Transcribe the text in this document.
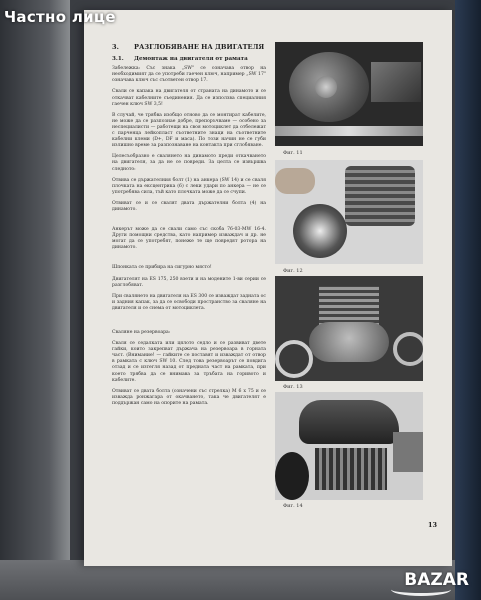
3.	РАЗГЛОБЯВАНЕ НА ДВИГАТЕЛЯ
3.1.	Демонтаж на двигателя от рамата

Забележка: Със знака „SW" се означава отвор на необходимият да се употреби гаечен ключ, например „SW 17" означава ключ със съответен отвор 17.

Свали се капака на двигателя от страната на динамото и се откачват кабелните съединения. Да се използва специалния гаечен ключ SW 3,5!

В случай, че трябва изобщо отново да се монтират кабелите, не може да се разпознае добре, препоръчваме — особено за неспециалисти — работещи на своя мотоциклет да отбележат с парченца лейкопласт съответните знаци на съответните кабелни клеми (D+, DF и маса). По този начин не се губи излишно време за разпознаване на контакта при сглобяване.

Целесъобразно е свалянето на динамото преди откачването на двигателя, за да не се повреди. За целта се извършва следното:

Отвива се държателния болт (1) на анкера (SW 14) и се сваля плочката на ексцентрика (6) с леки удари по анкера — не се употребява сила, тъй като плочката може да се счупи.

Отвиват се и се свалят двата държателни болта (4) на динамото.

Анкерът може да се свали само със скоба 76-03-MW 16-4. Други помощни средства, като например изваждач и др. не могат да се употребят, понеже те ще повредят ротора на динамото.

Шпонката се прибира на сигурно място!

Двигателят на ES 175, 250 взети и на модените 1-ви серии се разглобяват.

При свалянето на двигателя на ES 300 се изваждат задната ос и задния капак, за да се освободи пространство за сваляне на двигателя и се снема от мотоциклета.

Сваляне на резервоара:

Сваля се седалката или цялото седло и се развиват двете гайки, които закрепват държача на резервоара в горната част. (Внимание! — гайките се поставят и изваждат от отвор в рамката с ключ SW 10. След това резервоарът се повдига отзад и се изтегля назад от предната част на рамката, при което трябва да се внимава за тръбата на горивото и кабелите.

Отвиват се двата болта (означени със стрелка) М 6 х 75 и се изважда ронжагара от окачването, така че двигателят е поддържан само на опорите на рамата.

Фиг. 11
Фиг. 12
Фиг. 13
Фиг. 14
13
Частно лице
BAZAR
